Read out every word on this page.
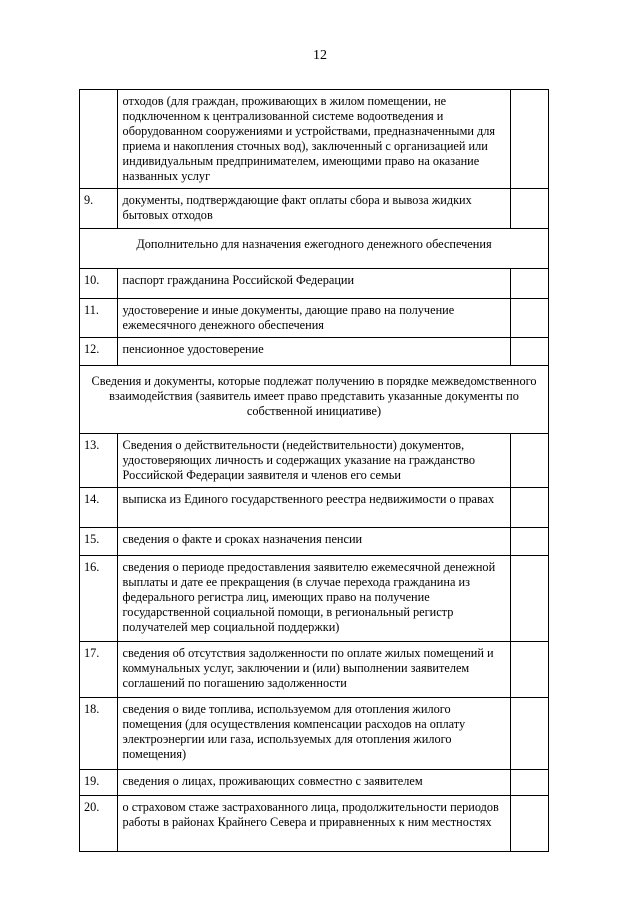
12
	отходов (для граждан, проживающих в жилом помещении, не подключенном к централизованной системе водоотведения и оборудованном сооружениями и устройствами, предназначенными для приема и накопления сточных вод), заключенный с организацией или индивидуальным предпринимателем, имеющими право на оказание названных услуг	
9.	документы, подтверждающие факт оплаты сбора и вывоза жидких бытовых отходов	
Дополнительно для назначения ежегодного денежного обеспечения		
10.	паспорт гражданина Российской Федерации	
11.	удостоверение и иные документы, дающие право на получение ежемесячного денежного обеспечения	
12.	пенсионное удостоверение	
Сведения и документы, которые подлежат получению в порядке межведомственного взаимодействия (заявитель имеет право представить указанные документы по собственной инициативе)		
13.	Сведения о действительности (недействительности) документов, удостоверяющих личность и содержащих указание на гражданство Российской Федерации заявителя и членов его семьи	
14.	выписка из Единого государственного реестра недвижимости о правах	
15.	сведения о факте и сроках назначения пенсии	
16.	сведения о периоде предоставления заявителю ежемесячной денежной выплаты и дате ее прекращения (в случае перехода гражданина из федерального регистра лиц, имеющих право на получение государственной социальной помощи, в региональный регистр получателей мер социальной поддержки)	
17.	сведения об отсутствия задолженности по оплате жилых помещений и коммунальных услуг, заключении и (или) выполнении заявителем соглашений по погашению задолженности	
18.	сведения о виде топлива, используемом для отопления жилого помещения (для осуществления компенсации расходов на оплату электроэнергии или газа, используемых для отопления жилого помещения)	
19.	сведения о лицах, проживающих совместно с заявителем	
20.	о страховом стаже застрахованного лица, продолжительности периодов работы в районах Крайнего Севера и приравненных к ним местностях	
